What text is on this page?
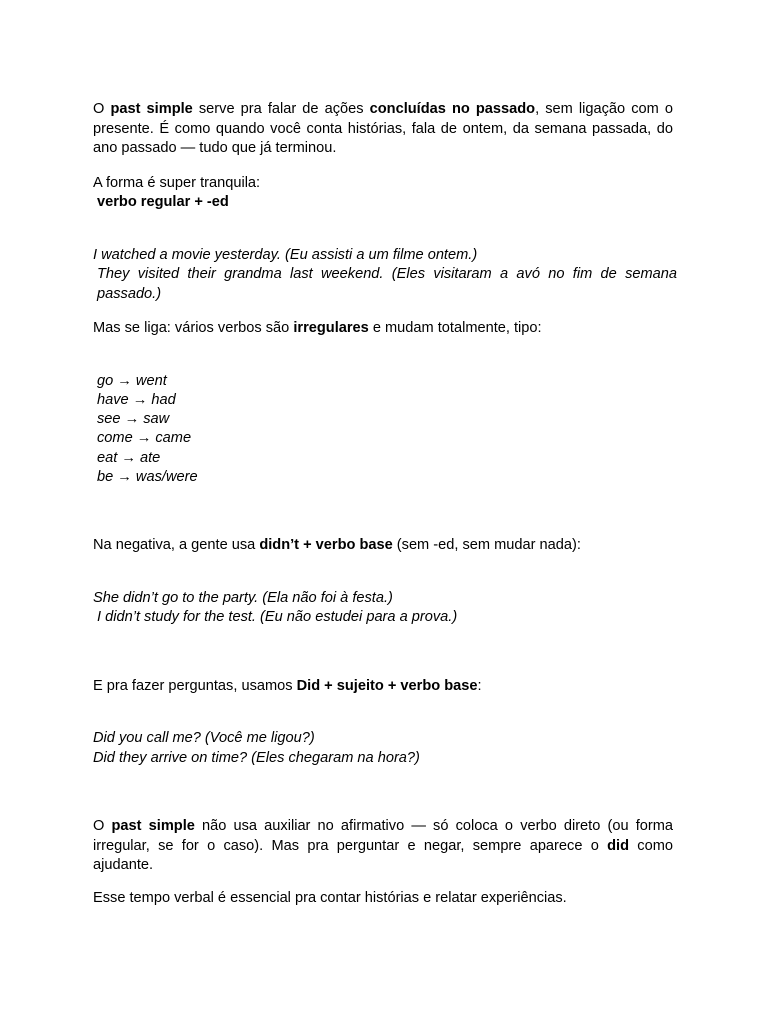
O past simple serve pra falar de ações concluídas no passado, sem ligação com o presente. É como quando você conta histórias, fala de ontem, da semana passada, do ano passado — tudo que já terminou.

A forma é super tranquila:

verbo regular + -ed

I watched a movie yesterday. (Eu assisti a um filme ontem.)

They visited their grandma last weekend. (Eles visitaram a avó no fim de semana passado.)

Mas se liga: vários verbos são irregulares e mudam totalmente, tipo:

go → went

have → had

see → saw

come → came

eat → ate

be → was/were

Na negativa, a gente usa didn’t + verbo base (sem -ed, sem mudar nada):

She didn’t go to the party. (Ela não foi à festa.)

I didn’t study for the test. (Eu não estudei para a prova.)

E pra fazer perguntas, usamos Did + sujeito + verbo base:

Did you call me? (Você me ligou?)

Did they arrive on time? (Eles chegaram na hora?)

O past simple não usa auxiliar no afirmativo — só coloca o verbo direto (ou forma irregular, se for o caso). Mas pra perguntar e negar, sempre aparece o did como ajudante.

Esse tempo verbal é essencial pra contar histórias e relatar experiências.
